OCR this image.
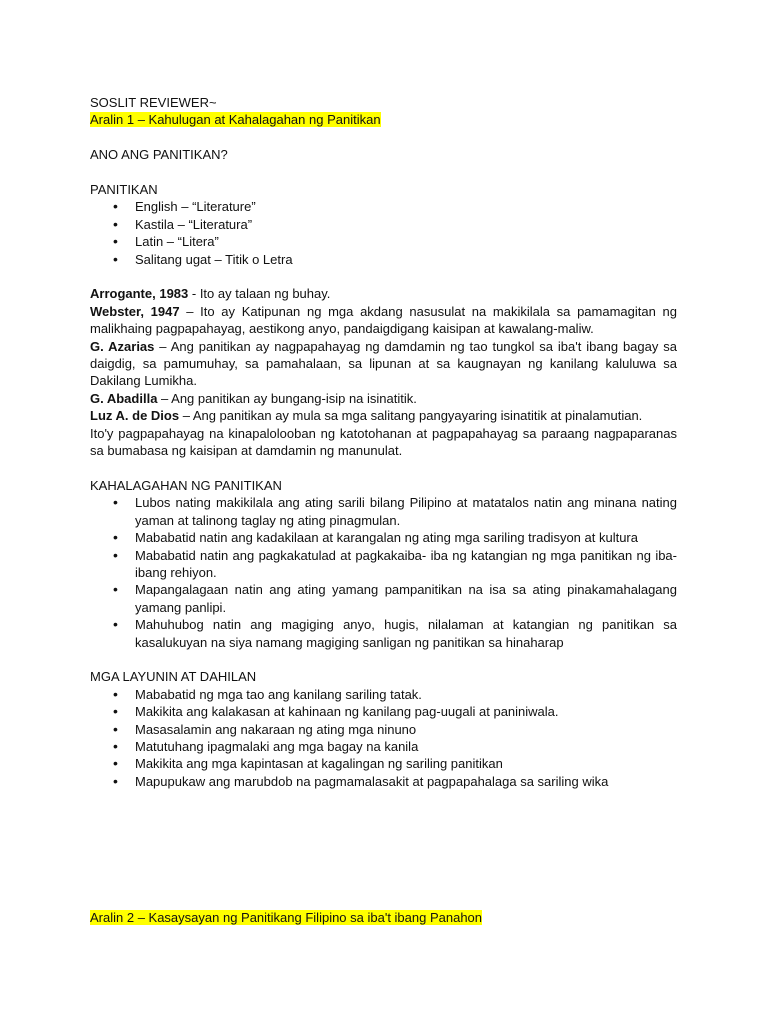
SOSLIT REVIEWER~

Aralin 1 – Kahulugan at Kahalagahan ng Panitikan

ANO ANG PANITIKAN?

PANITIKAN

• English – “Literature”
• Kastila – “Literatura”
• Latin – “Litera”
• Salitang ugat – Titik o Letra

Arrogante, 1983 - Ito ay talaan ng buhay.

Webster, 1947 – Ito ay Katipunan ng mga akdang nasusulat na makikilala sa pamamagitan ng malikhaing pagpapahayag, aestikong anyo, pandaigdigang kaisipan at kawalang-maliw.

G. Azarias – Ang panitikan ay nagpapahayag ng damdamin ng tao tungkol sa iba't ibang bagay sa daigdig, sa pamumuhay, sa pamahalaan, sa lipunan at sa kaugnayan ng kanilang kaluluwa sa Dakilang Lumikha.

G. Abadilla – Ang panitikan ay bungang-isip na isinatitik.

Luz A. de Dios – Ang panitikan ay mula sa mga salitang pangyayaring isinatitik at pinalamutian.

Ito'y pagpapahayag na kinapalolooban ng katotohanan at pagpapahayag sa paraang nagpaparanas sa bumabasa ng kaisipan at damdamin ng manunulat.

KAHALAGAHAN NG PANITIKAN

• Lubos nating makikilala ang ating sarili bilang Pilipino at matatalos natin ang minana nating yaman at talinong taglay ng ating pinagmulan.
• Mababatid natin ang kadakilaan at karangalan ng ating mga sariling tradisyon at kultura
• Mababatid natin ang pagkakatulad at pagkakaiba- iba ng katangian ng mga panitikan ng iba-ibang rehiyon.
• Mapangalagaan natin ang ating yamang pampanitikan na isa sa ating pinakamahalagang yamang panlipi.
• Mahuhubog natin ang magiging anyo, hugis, nilalaman at katangian ng panitikan sa kasalukuyan na siya namang magiging sanligan ng panitikan sa hinaharap

MGA LAYUNIN AT DAHILAN

• Mababatid ng mga tao ang kanilang sariling tatak.
• Makikita ang kalakasan at kahinaan ng kanilang pag-uugali at paniniwala.
• Masasalamin ang nakaraan ng ating mga ninuno
• Matutuhang ipagmalaki ang mga bagay na kanila
• Makikita ang mga kapintasan at kagalingan ng sariling panitikan
• Mapupukaw ang marubdob na pagmamalasakit at pagpapahalaga sa sariling wika
Aralin 2 – Kasaysayan ng Panitikang Filipino sa iba't ibang Panahon
